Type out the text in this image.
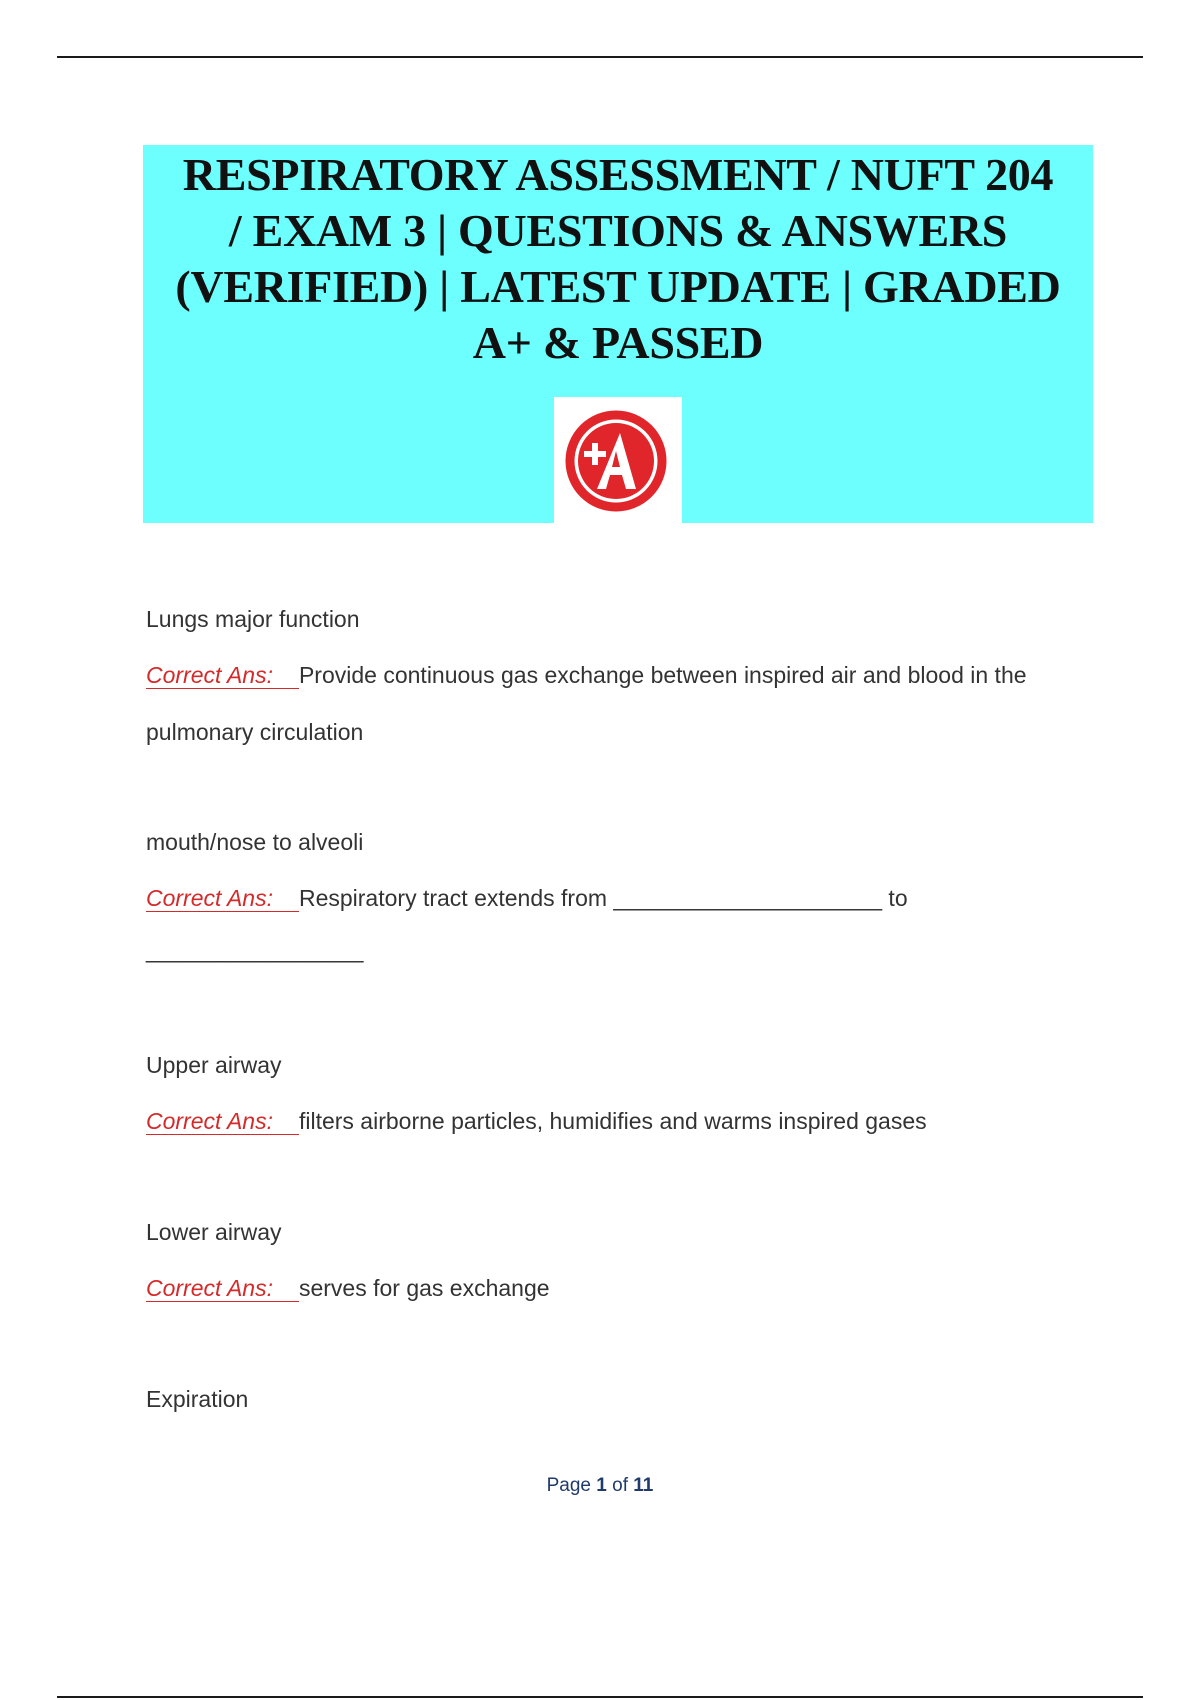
RESPIRATORY ASSESSMENT / NUFT 204
/ EXAM 3 | QUESTIONS & ANSWERS
(VERIFIED) | LATEST UPDATE | GRADED
A+ & PASSED
Lungs major function
Correct Ans: Provide continuous gas exchange between inspired air and blood in the
pulmonary circulation
mouth/nose to alveoli
Correct Ans: Respiratory tract extends from _____________________ to
_________________
Upper airway
Correct Ans: filters airborne particles, humidifies and warms inspired gases
Lower airway
Correct Ans: serves for gas exchange
Expiration
Page 1 of 11
